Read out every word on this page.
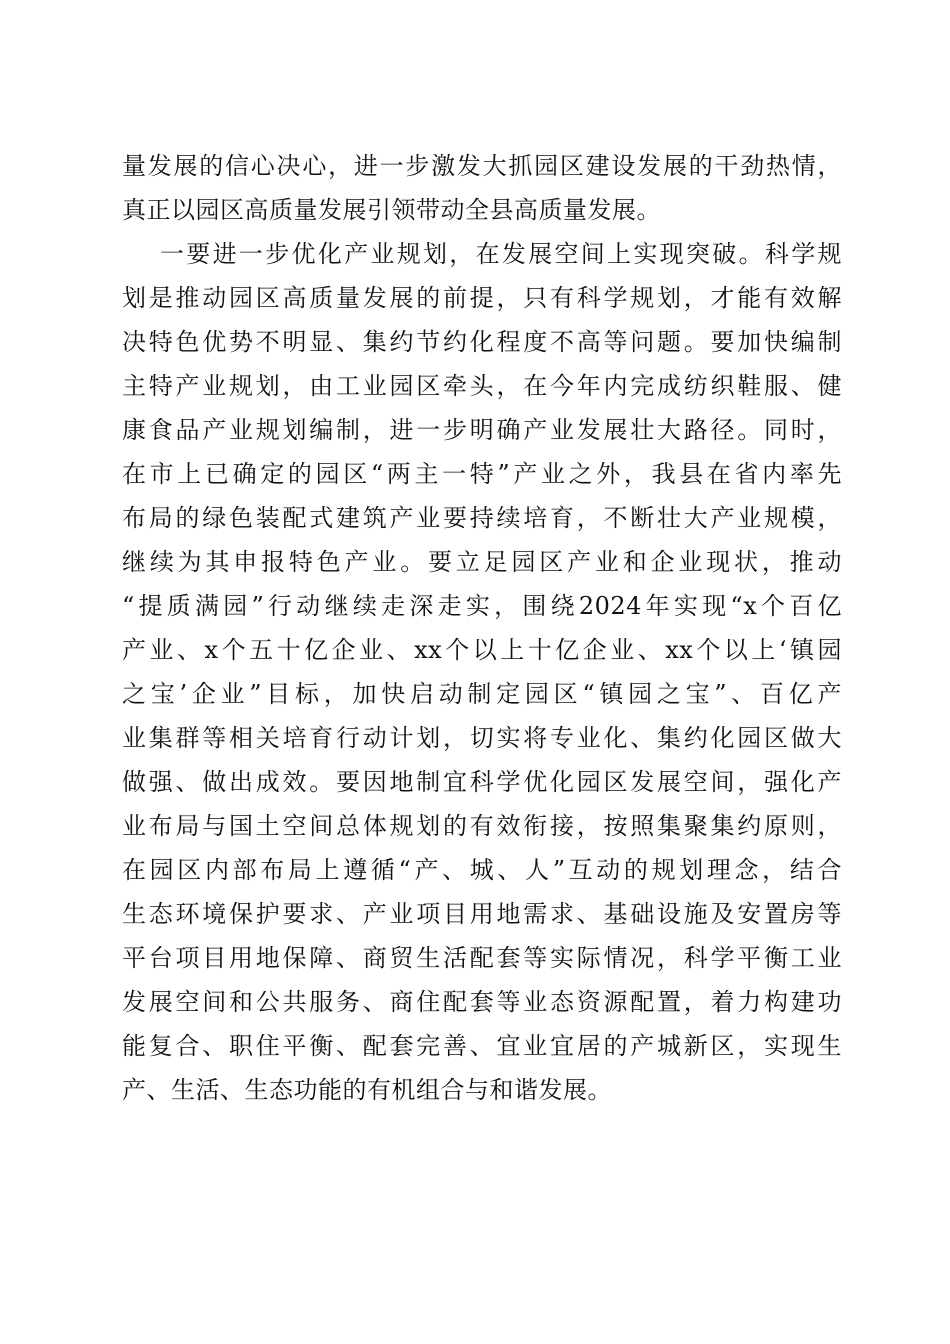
量发展的信心决心，进一步激发大抓园区建设发展的干劲热情，
真正以园区高质量发展引领带动全县高质量发展。
一要进一步优化产业规划，在发展空间上实现突破。科学规
划是推动园区高质量发展的前提，只有科学规划，才能有效解
决特色优势不明显、集约节约化程度不高等问题。要加快编制
主特产业规划，由工业园区牵头，在今年内完成纺织鞋服、健
康食品产业规划编制，进一步明确产业发展壮大路径。同时，
在市上已确定的园区“两主一特”产业之外，我县在省内率先
布局的绿色装配式建筑产业要持续培育，不断壮大产业规模，
继续为其申报特色产业。要立足园区产业和企业现状，推动
“提质满园”行动继续走深走实，围绕2024年实现“x个百亿
产业、x个五十亿企业、xx个以上十亿企业、xx个以上‘镇园
之宝’企业”目标，加快启动制定园区“镇园之宝”、百亿产
业集群等相关培育行动计划，切实将专业化、集约化园区做大
做强、做出成效。要因地制宜科学优化园区发展空间，强化产
业布局与国土空间总体规划的有效衔接，按照集聚集约原则，
在园区内部布局上遵循“产、城、人”互动的规划理念，结合
生态环境保护要求、产业项目用地需求、基础设施及安置房等
平台项目用地保障、商贸生活配套等实际情况，科学平衡工业
发展空间和公共服务、商住配套等业态资源配置，着力构建功
能复合、职住平衡、配套完善、宜业宜居的产城新区，实现生
产、生活、生态功能的有机组合与和谐发展。
